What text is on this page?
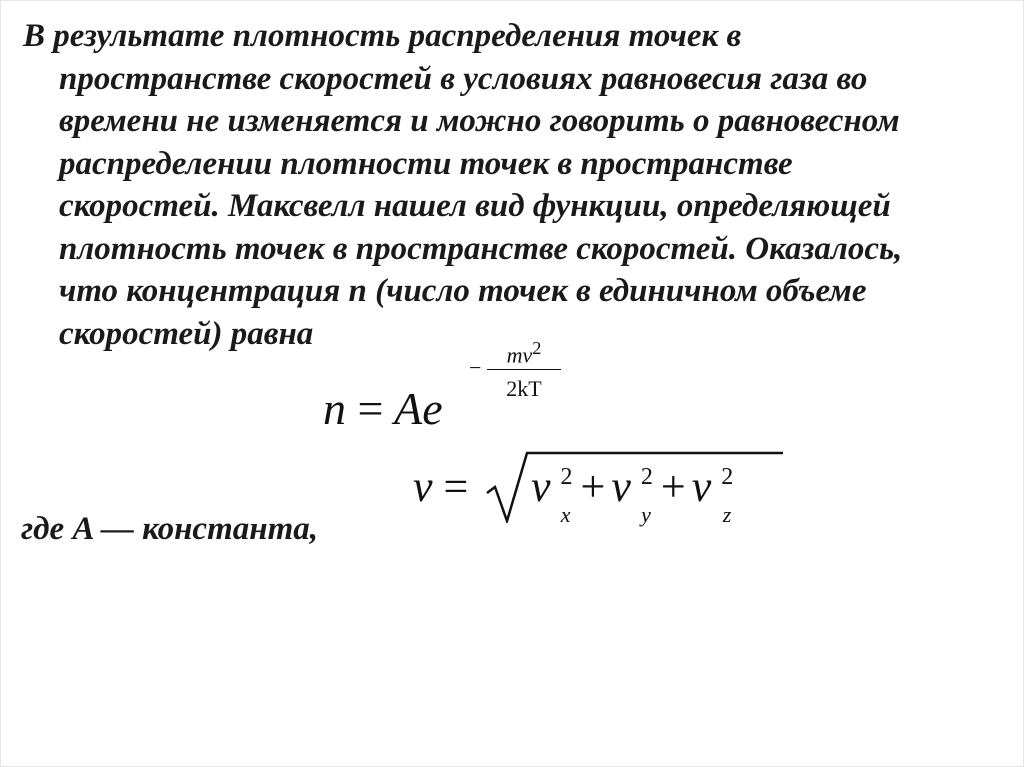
В результате плотность распределения точек в
пространстве скоростей в условиях равновесия газа во
времени не изменяется и можно говорить о равновесном
распределении плотности точек в пространстве
скоростей. Максвелл нашел вид функции, определяющей
плотность точек в пространстве скоростей. Оказалось,
что концентрация n (число точек в единичном объеме
скоростей) равна

n = Ae
−
$mv^2$
2kT
v = v 2
x
+ v 2
y
+ v 2
z
где A — константа,
